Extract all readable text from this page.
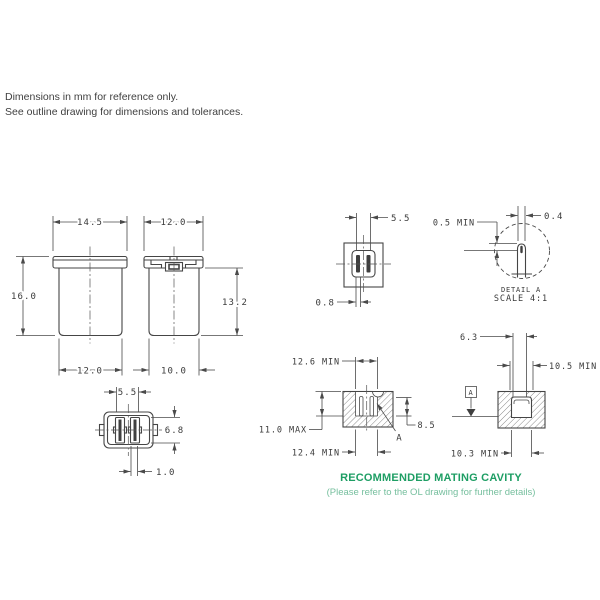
Dimensions in mm for reference only.
See outline drawing for dimensions and tolerances.
14.5
16.0
12.0
12.0
13.2
10.0
5.5
6.8
1.0
5.5
0.8
0.4
0.5 MIN
DETAIL A
SCALE 4:1
12.6 MIN
11.0 MAX	8.5
A
12.4 MIN
6.3
10.5 MIN
A
10.3 MIN
RECOMMENDED MATING CAVITY
(Please refer to the OL drawing for further details)
